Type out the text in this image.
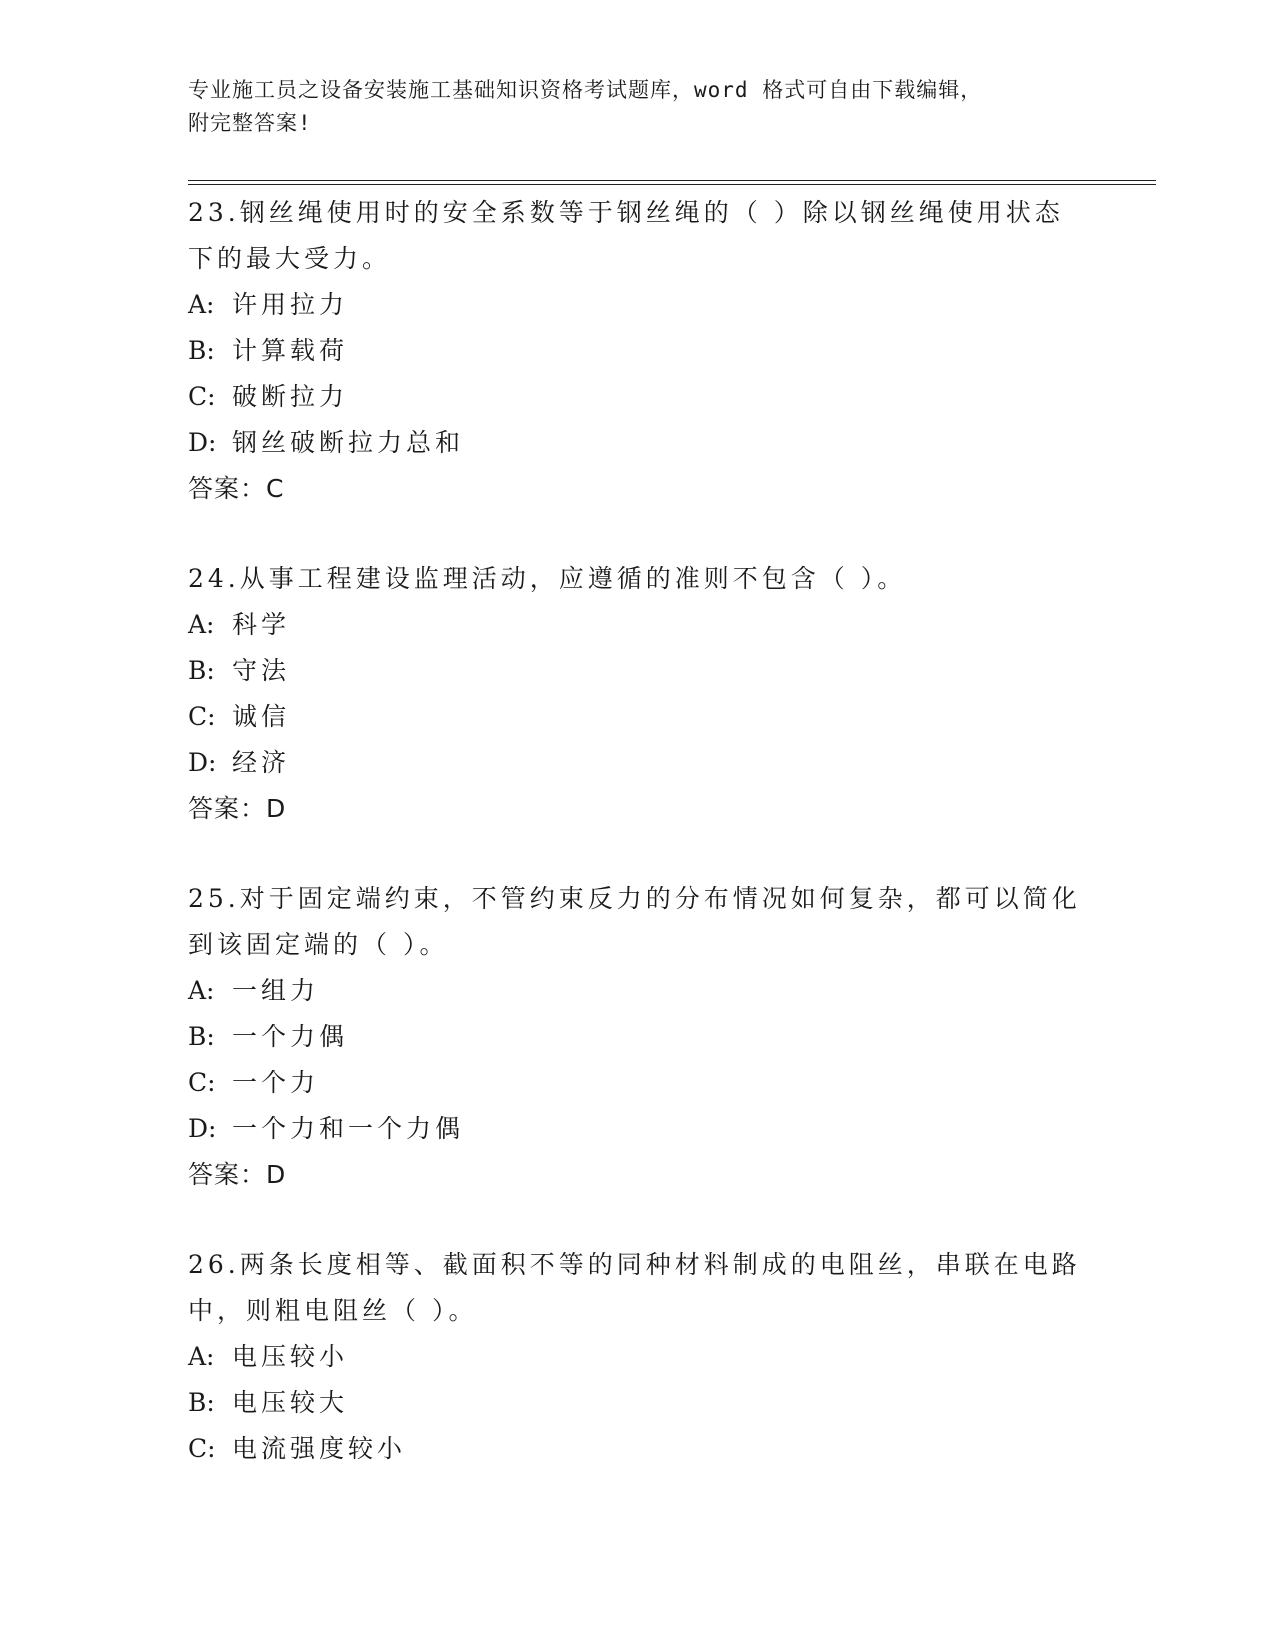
专业施工员之设备安装施工基础知识资格考试题库，word 格式可自由下载编辑，
附完整答案!
23.钢丝绳使用时的安全系数等于钢丝绳的（ ）除以钢丝绳使用状态
下的最大受力。
A: 许用拉力
B: 计算载荷
C: 破断拉力
D: 钢丝破断拉力总和
答案：C
24.从事工程建设监理活动，应遵循的准则不包含（ ）。
A: 科学
B: 守法
C: 诚信
D: 经济
答案：D
25.对于固定端约束，不管约束反力的分布情况如何复杂，都可以简化
到该固定端的（ ）。
A: 一组力
B: 一个力偶
C: 一个力
D: 一个力和一个力偶
答案：D
26.两条长度相等、截面积不等的同种材料制成的电阻丝，串联在电路
中，则粗电阻丝（ ）。
A: 电压较小
B: 电压较大
C: 电流强度较小
